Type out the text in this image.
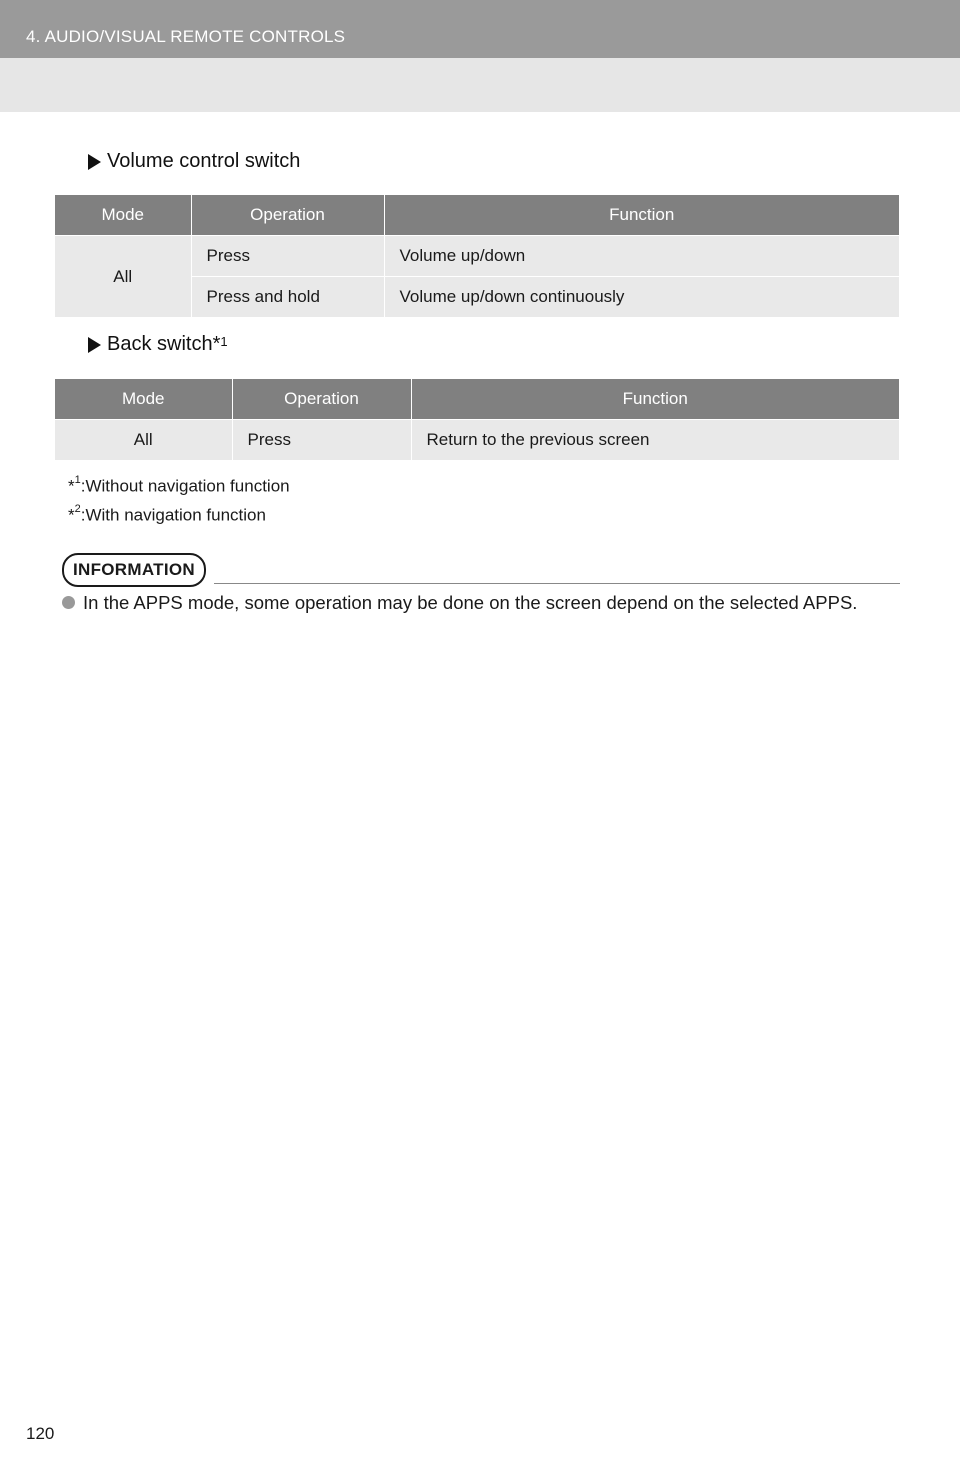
4. AUDIO/VISUAL REMOTE CONTROLS
Volume control switch
Mode	Operation	Function
All	Press	Volume up/down
	Press and hold	Volume up/down continuously
Back switch*$^1$
Mode	Operation	Function
All	Press	Return to the previous screen
*$^1$:Without navigation function
*$^2$:With navigation function
INFORMATION
In the APPS mode, some operation may be done on the screen depend on the selected APPS.
120
